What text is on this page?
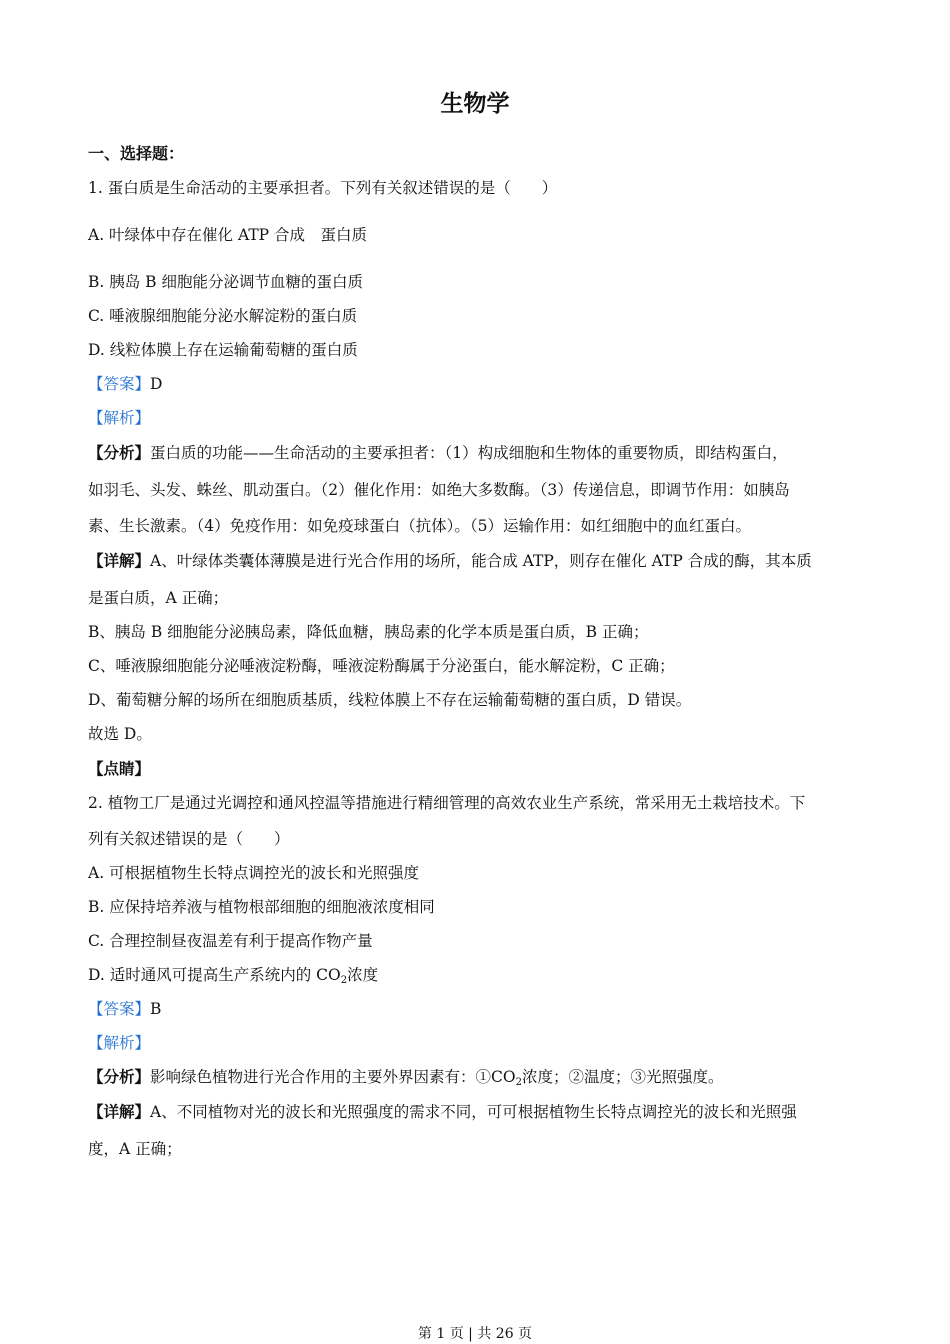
生物学
一、选择题：
1. 蛋白质是生命活动的主要承担者。下列有关叙述错误的是（　　）
A. 叶绿体中存在催化 ATP 合成　蛋白质
B. 胰岛 B 细胞能分泌调节血糖的蛋白质
C. 唾液腺细胞能分泌水解淀粉的蛋白质
D. 线粒体膜上存在运输葡萄糖的蛋白质
【答案】D
【解析】
【分析】蛋白质的功能——生命活动的主要承担者：（1）构成细胞和生物体的重要物质，即结构蛋白，
如羽毛、头发、蛛丝、肌动蛋白。（2）催化作用：如绝大多数酶。（3）传递信息，即调节作用：如胰岛
素、生长激素。（4）免疫作用：如免疫球蛋白（抗体）。（5）运输作用：如红细胞中的血红蛋白。
【详解】A、叶绿体类囊体薄膜是进行光合作用的场所，能合成 ATP，则存在催化 ATP 合成的酶，其本质
是蛋白质，A 正确；
B、胰岛 B 细胞能分泌胰岛素，降低血糖，胰岛素的化学本质是蛋白质，B 正确；
C、唾液腺细胞能分泌唾液淀粉酶，唾液淀粉酶属于分泌蛋白，能水解淀粉，C 正确；
D、葡萄糖分解的场所在细胞质基质，线粒体膜上不存在运输葡萄糖的蛋白质，D 错误。
故选 D。
【点睛】
2. 植物工厂是通过光调控和通风控温等措施进行精细管理的高效农业生产系统，常采用无土栽培技术。下
列有关叙述错误的是（　　）
A. 可根据植物生长特点调控光的波长和光照强度
B. 应保持培养液与植物根部细胞的细胞液浓度相同
C. 合理控制昼夜温差有利于提高作物产量
D. 适时通风可提高生产系统内的 $CO_2$浓度
【答案】B
【解析】
【分析】影响绿色植物进行光合作用的主要外界因素有：$①CO_2$浓度；②温度；③光照强度。
【详解】A、不同植物对光的波长和光照强度的需求不同，可可根据植物生长特点调控光的波长和光照强
度，A 正确；
第 1 页 | 共 26 页
